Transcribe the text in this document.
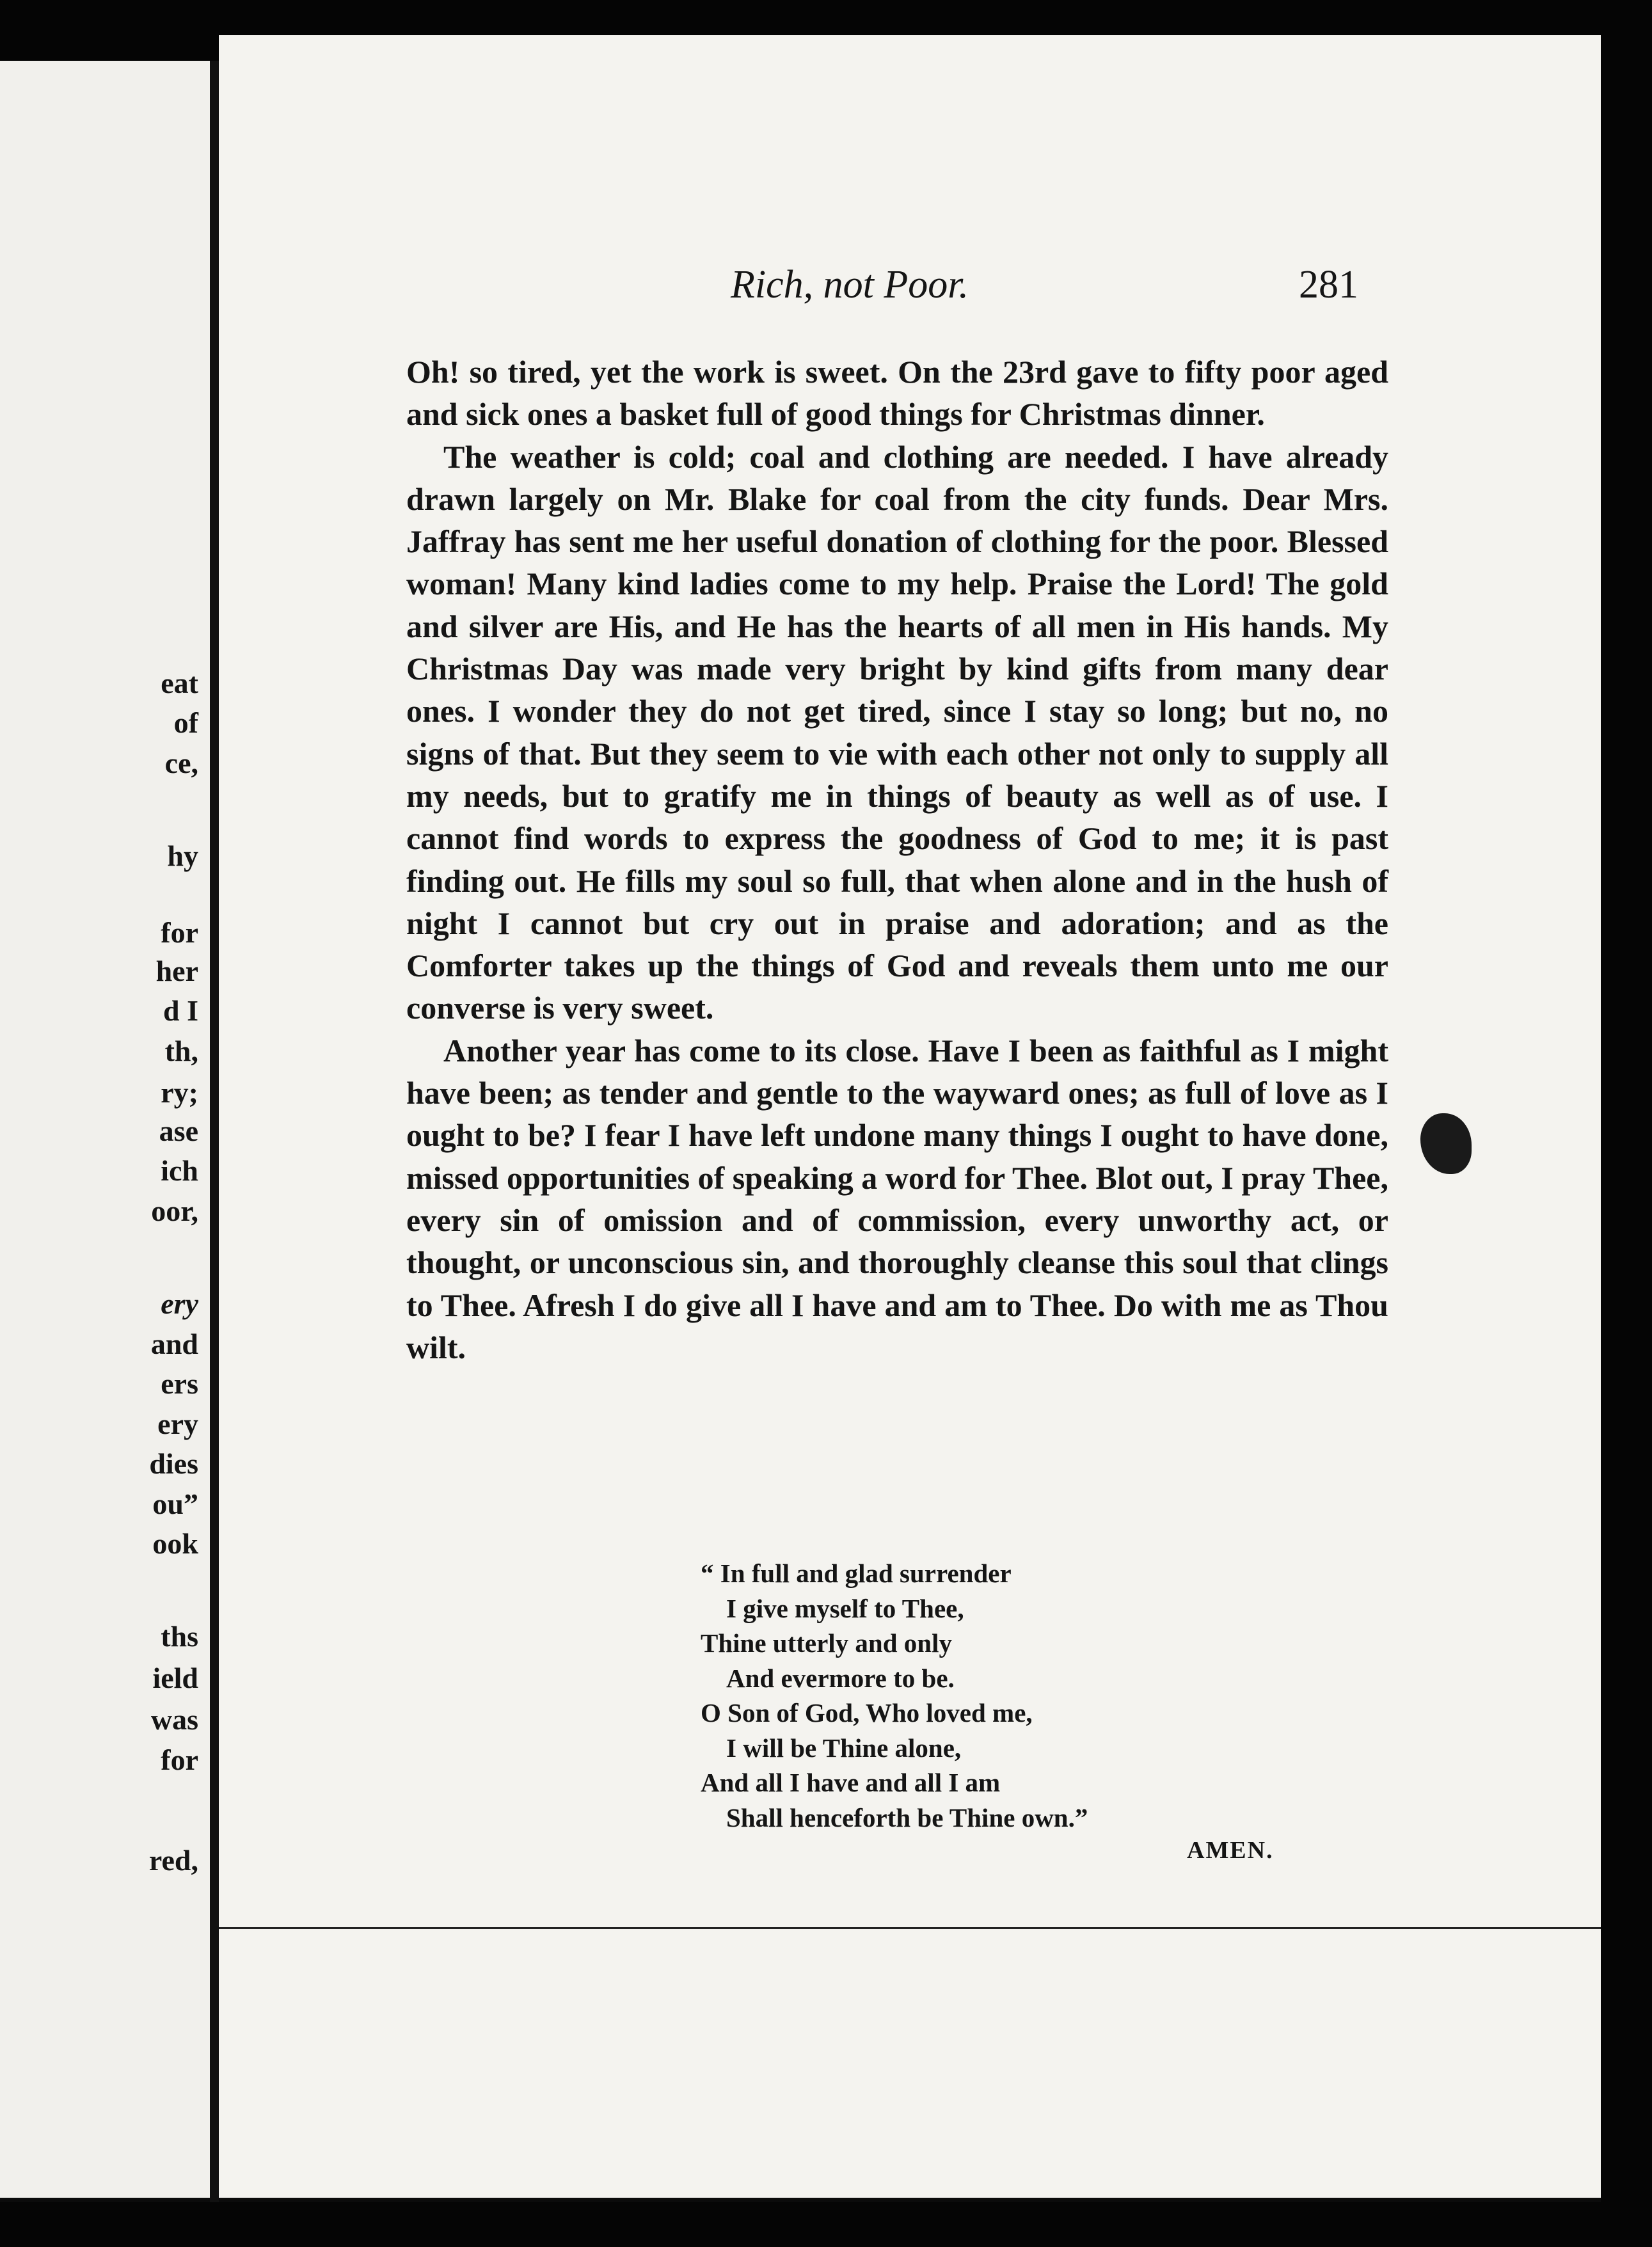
eat
of
ce,
hy
for
her
d I
th,
ry;
ase
ich
oor,
ery
and
ers
ery
dies
ou”
ook
ths
ield
was
for
red,
Rich, not Poor.	281

Oh! so tired, yet the work is sweet. On the 23rd gave to fifty poor aged and sick ones a basket full of good things for Christmas dinner.

The weather is cold; coal and clothing are needed. I have already drawn largely on Mr. Blake for coal from the city funds. Dear Mrs. Jaffray has sent me her useful donation of clothing for the poor. Blessed woman! Many kind ladies come to my help. Praise the Lord! The gold and silver are His, and He has the hearts of all men in His hands. My Christmas Day was made very bright by kind gifts from many dear ones. I wonder they do not get tired, since I stay so long; but no, no signs of that. But they seem to vie with each other not only to supply all my needs, but to gratify me in things of beauty as well as of use. I cannot find words to express the goodness of God to me; it is past finding out. He fills my soul so full, that when alone and in the hush of night I cannot but cry out in praise and adoration; and as the Comforter takes up the things of God and reveals them unto me our converse is very sweet.

Another year has come to its close. Have I been as faithful as I might have been; as tender and gentle to the wayward ones; as full of love as I ought to be? I fear I have left undone many things I ought to have done, missed opportunities of speaking a word for Thee. Blot out, I pray Thee, every sin of omission and of commission, every unworthy act, or thought, or unconscious sin, and thoroughly cleanse this soul that clings to Thee. Afresh I do give all I have and am to Thee. Do with me as Thou wilt.

“ In full and glad surrender
I give myself to Thee,
Thine utterly and only
And evermore to be.
O Son of God, Who loved me,
I will be Thine alone,
And all I have and all I am
Shall henceforth be Thine own.”
AMEN.
